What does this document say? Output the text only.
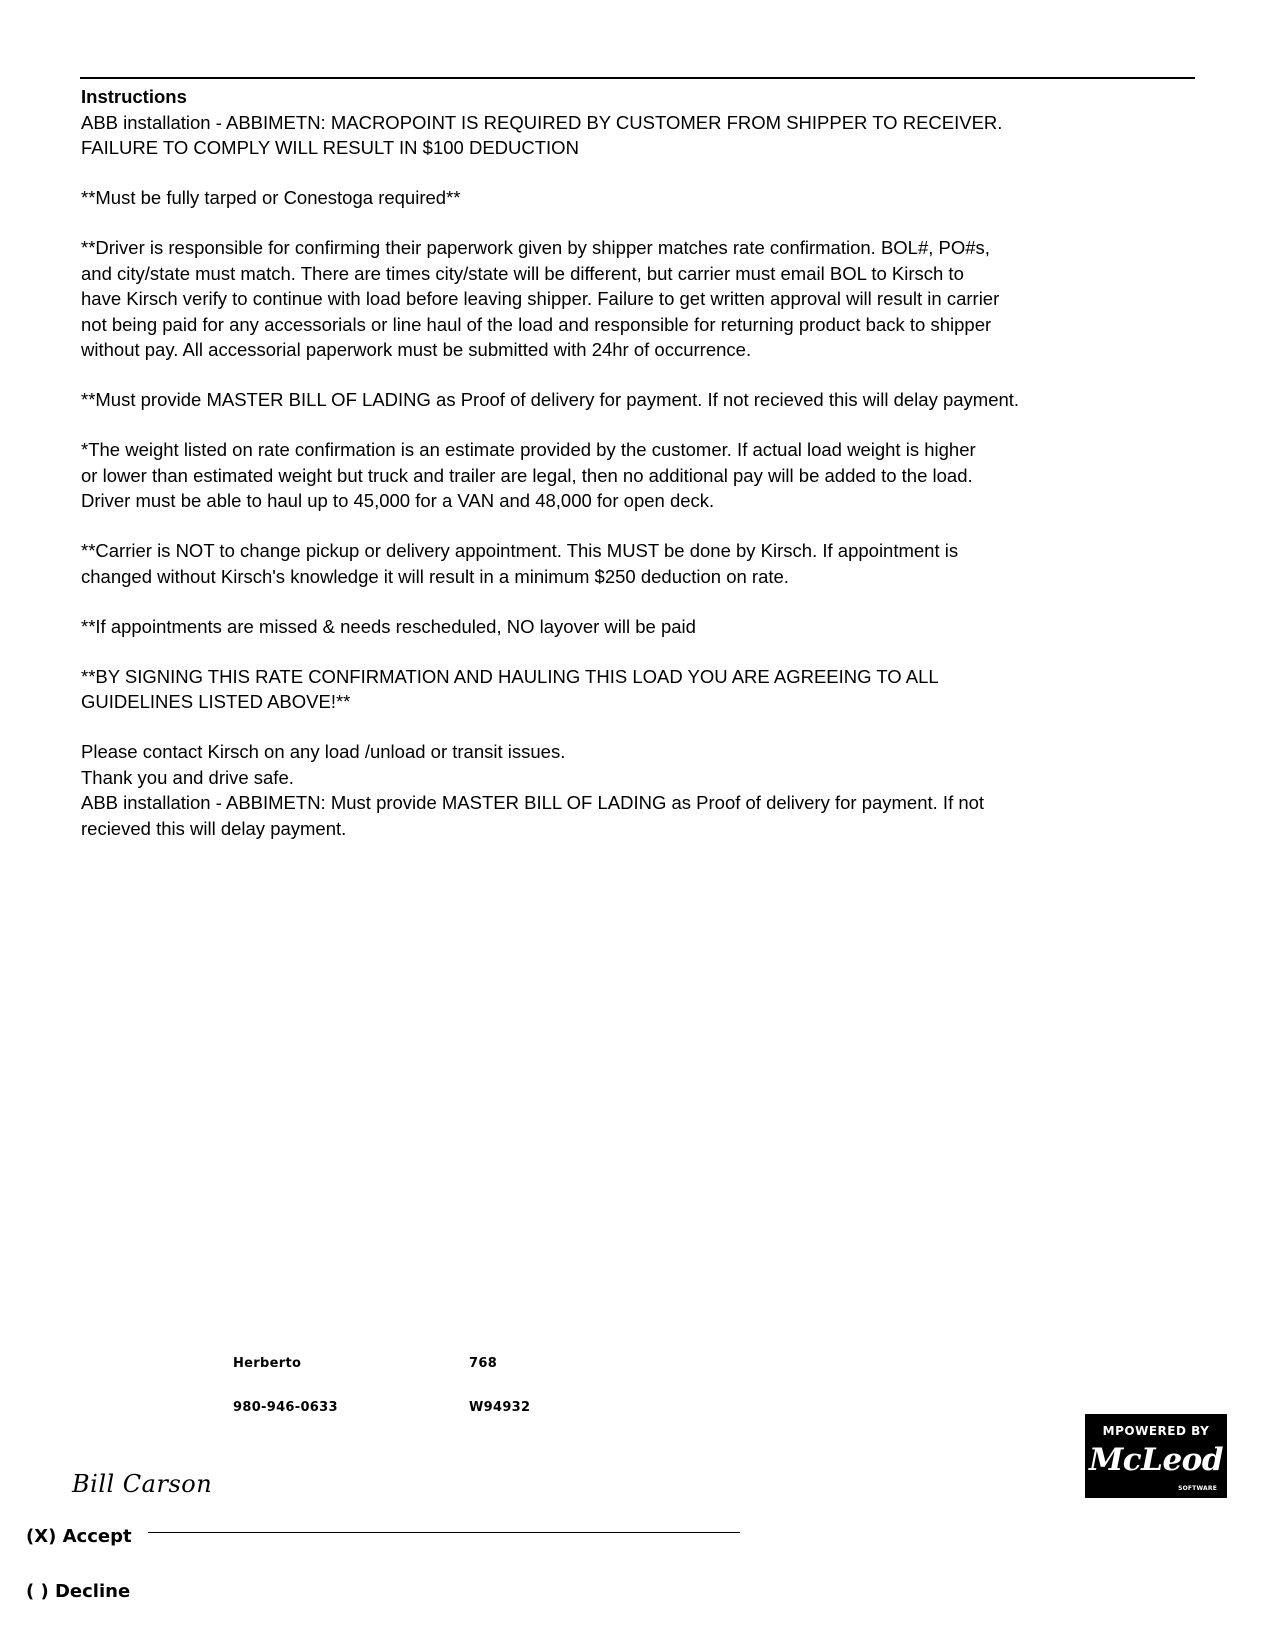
Instructions
ABB installation - ABBIMETN: MACROPOINT IS REQUIRED BY CUSTOMER FROM SHIPPER TO RECEIVER.
FAILURE TO COMPLY WILL RESULT IN $100 DEDUCTION
**Must be fully tarped or Conestoga required**
**Driver is responsible for confirming their paperwork given by shipper matches rate confirmation. BOL#, PO#s,
and city/state must match. There are times city/state will be different, but carrier must email BOL to Kirsch to
have Kirsch verify to continue with load before leaving shipper. Failure to get written approval will result in carrier
not being paid for any accessorials or line haul of the load and responsible for returning product back to shipper
without pay. All accessorial paperwork must be submitted with 24hr of occurrence.
**Must provide MASTER BILL OF LADING as Proof of delivery for payment. If not recieved this will delay payment.
*The weight listed on rate confirmation is an estimate provided by the customer. If actual load weight is higher
or lower than estimated weight but truck and trailer are legal, then no additional pay will be added to the load.
Driver must be able to haul up to 45,000 for a VAN and 48,000 for open deck.
**Carrier is NOT to change pickup or delivery appointment. This MUST be done by Kirsch. If appointment is
changed without Kirsch's knowledge it will result in a minimum $250 deduction on rate.
**If appointments are missed & needs rescheduled, NO layover will be paid
**BY SIGNING THIS RATE CONFIRMATION AND HAULING THIS LOAD YOU ARE AGREEING TO ALL
GUIDELINES LISTED ABOVE!**
Please contact Kirsch on any load /unload or transit issues.
Thank you and drive safe.
ABB installation - ABBIMETN: Must provide MASTER BILL OF LADING as Proof of delivery for payment. If not
recieved this will delay payment.
Herberto	768
980-946-0633	W94932
Bill Carson
(X) Accept
( ) Decline
MPOWERED BY
McLeod
SOFTWARE
